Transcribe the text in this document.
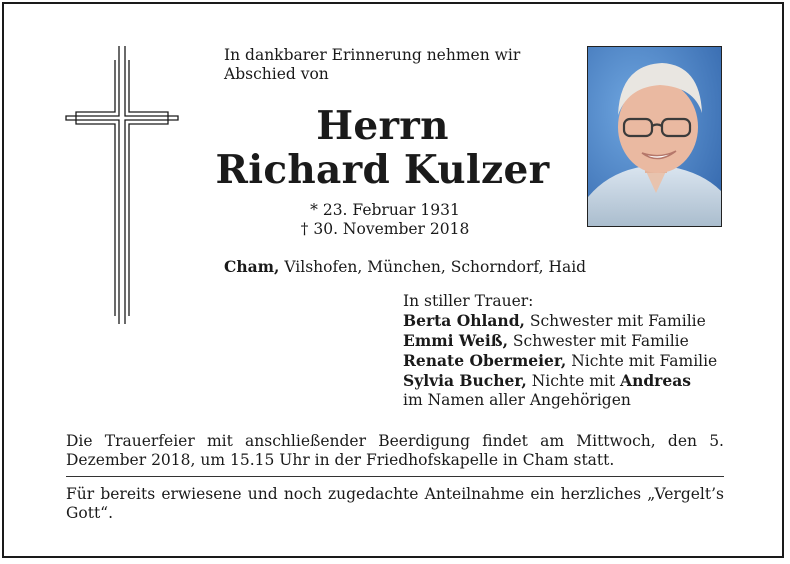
In dankbarer Erinnerung nehmen wir Abschied von
Herrn
Richard Kulzer
* 23. Februar 1931
† 30. November 2018
Cham, Vilshofen, München, Schorndorf, Haid
In stiller Trauer:
Berta Ohland, Schwester mit Familie
Emmi Weiß, Schwester mit Familie
Renate Obermeier, Nichte mit Familie
Sylvia Bucher, Nichte mit Andreas
im Namen aller Angehörigen
Die Trauerfeier mit anschließender Beerdigung findet am Mittwoch, den 5. Dezember 2018, um 15.15 Uhr in der Friedhofskapelle in Cham statt.
Für bereits erwiesene und noch zugedachte Anteilnahme ein herzliches „Vergelt’s Gott“.
